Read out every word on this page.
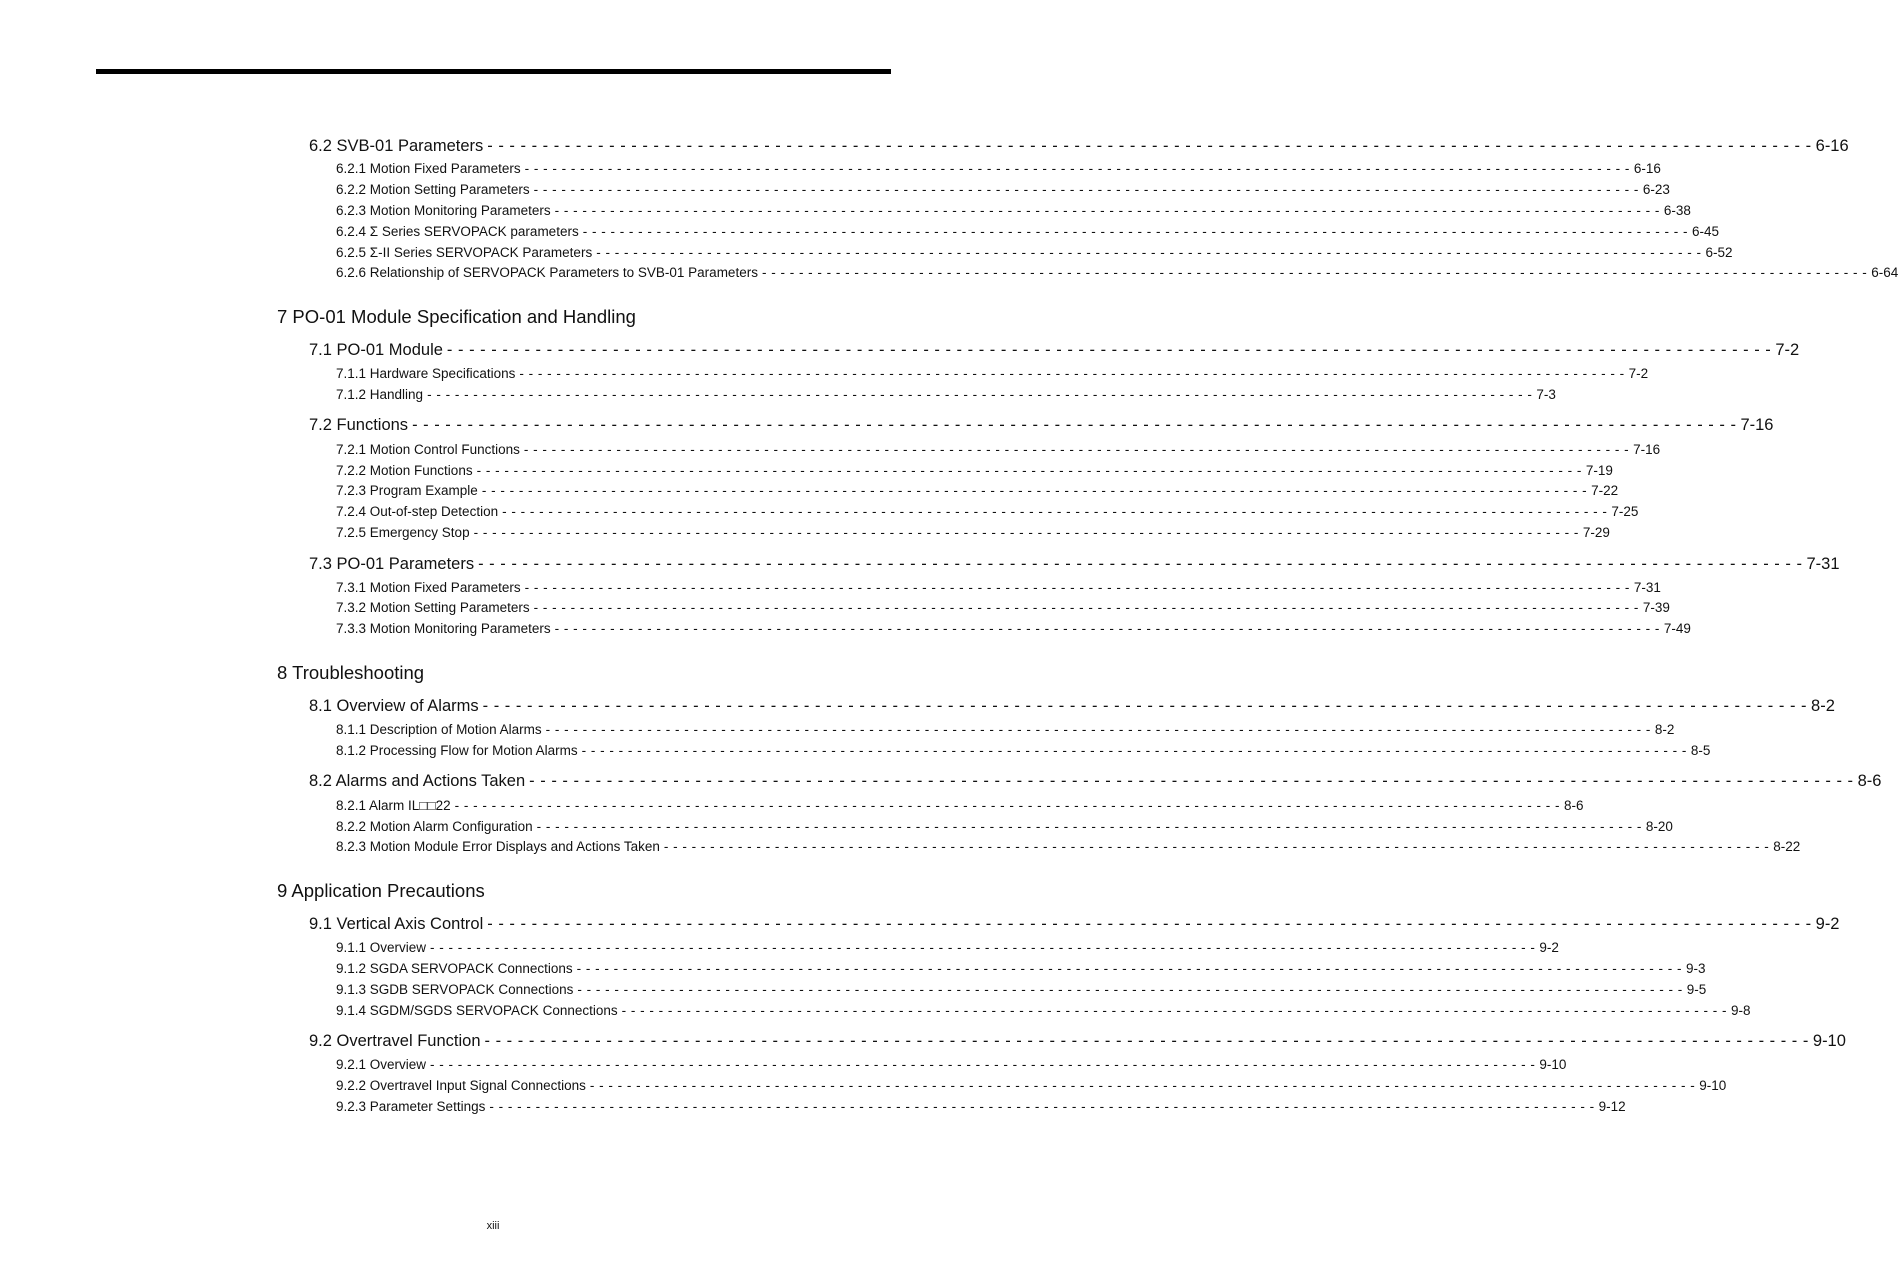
6.2 SVB-01 Parameters - - - - - - - - - - - - - - - - - - - - - - - - - - - - - - - - - - - - - - - - - - - - - - - - - - - - - - - - - - - - - - - - - - - - - - - - - - - - - - - - - - - - - - - - - - - - - - - - - - - - - - - - - - - - - - - - - - - - - - - - 6-16
6.2.1 Motion Fixed Parameters - - - - - - - - - - - - - - - - - - - - - - - - - - - - - - - - - - - - - - - - - - - - - - - - - - - - - - - - - - - - - - - - - - - - - - - - - - - - - - - - - - - - - - - - - - - - - - - - - - - - - - - - - - - - - - - - - - - - - - - - 6-16
6.2.2 Motion Setting Parameters - - - - - - - - - - - - - - - - - - - - - - - - - - - - - - - - - - - - - - - - - - - - - - - - - - - - - - - - - - - - - - - - - - - - - - - - - - - - - - - - - - - - - - - - - - - - - - - - - - - - - - - - - - - - - - - - - - - - - - - - 6-23
6.2.3 Motion Monitoring Parameters - - - - - - - - - - - - - - - - - - - - - - - - - - - - - - - - - - - - - - - - - - - - - - - - - - - - - - - - - - - - - - - - - - - - - - - - - - - - - - - - - - - - - - - - - - - - - - - - - - - - - - - - - - - - - - - - - - - - - - - - 6-38
6.2.4 Σ Series SERVOPACK parameters - - - - - - - - - - - - - - - - - - - - - - - - - - - - - - - - - - - - - - - - - - - - - - - - - - - - - - - - - - - - - - - - - - - - - - - - - - - - - - - - - - - - - - - - - - - - - - - - - - - - - - - - - - - - - - - - - - - - - - - - 6-45
6.2.5 Σ-II Series SERVOPACK Parameters - - - - - - - - - - - - - - - - - - - - - - - - - - - - - - - - - - - - - - - - - - - - - - - - - - - - - - - - - - - - - - - - - - - - - - - - - - - - - - - - - - - - - - - - - - - - - - - - - - - - - - - - - - - - - - - - - - - - - - - - 6-52
6.2.6 Relationship of SERVOPACK Parameters to SVB-01 Parameters - - - - - - - - - - - - - - - - - - - - - - - - - - - - - - - - - - - - - - - - - - - - - - - - - - - - - - - - - - - - - - - - - - - - - - - - - - - - - - - - - - - - - - - - - - - - - - - - - - - - - - - - - - - - - - - - - - - - - - - - 6-64
7 PO-01 Module Specification and Handling
7.1 PO-01 Module - - - - - - - - - - - - - - - - - - - - - - - - - - - - - - - - - - - - - - - - - - - - - - - - - - - - - - - - - - - - - - - - - - - - - - - - - - - - - - - - - - - - - - - - - - - - - - - - - - - - - - - - - - - - - - - - - - - - - - - - 7-2
7.1.1 Hardware Specifications - - - - - - - - - - - - - - - - - - - - - - - - - - - - - - - - - - - - - - - - - - - - - - - - - - - - - - - - - - - - - - - - - - - - - - - - - - - - - - - - - - - - - - - - - - - - - - - - - - - - - - - - - - - - - - - - - - - - - - - - 7-2
7.1.2 Handling - - - - - - - - - - - - - - - - - - - - - - - - - - - - - - - - - - - - - - - - - - - - - - - - - - - - - - - - - - - - - - - - - - - - - - - - - - - - - - - - - - - - - - - - - - - - - - - - - - - - - - - - - - - - - - - - - - - - - - - - 7-3
7.2 Functions - - - - - - - - - - - - - - - - - - - - - - - - - - - - - - - - - - - - - - - - - - - - - - - - - - - - - - - - - - - - - - - - - - - - - - - - - - - - - - - - - - - - - - - - - - - - - - - - - - - - - - - - - - - - - - - - - - - - - - - - 7-16
7.2.1 Motion Control Functions - - - - - - - - - - - - - - - - - - - - - - - - - - - - - - - - - - - - - - - - - - - - - - - - - - - - - - - - - - - - - - - - - - - - - - - - - - - - - - - - - - - - - - - - - - - - - - - - - - - - - - - - - - - - - - - - - - - - - - - - 7-16
7.2.2 Motion Functions - - - - - - - - - - - - - - - - - - - - - - - - - - - - - - - - - - - - - - - - - - - - - - - - - - - - - - - - - - - - - - - - - - - - - - - - - - - - - - - - - - - - - - - - - - - - - - - - - - - - - - - - - - - - - - - - - - - - - - - - 7-19
7.2.3 Program Example - - - - - - - - - - - - - - - - - - - - - - - - - - - - - - - - - - - - - - - - - - - - - - - - - - - - - - - - - - - - - - - - - - - - - - - - - - - - - - - - - - - - - - - - - - - - - - - - - - - - - - - - - - - - - - - - - - - - - - - - 7-22
7.2.4 Out-of-step Detection - - - - - - - - - - - - - - - - - - - - - - - - - - - - - - - - - - - - - - - - - - - - - - - - - - - - - - - - - - - - - - - - - - - - - - - - - - - - - - - - - - - - - - - - - - - - - - - - - - - - - - - - - - - - - - - - - - - - - - - - 7-25
7.2.5 Emergency Stop - - - - - - - - - - - - - - - - - - - - - - - - - - - - - - - - - - - - - - - - - - - - - - - - - - - - - - - - - - - - - - - - - - - - - - - - - - - - - - - - - - - - - - - - - - - - - - - - - - - - - - - - - - - - - - - - - - - - - - - - 7-29
7.3 PO-01 Parameters - - - - - - - - - - - - - - - - - - - - - - - - - - - - - - - - - - - - - - - - - - - - - - - - - - - - - - - - - - - - - - - - - - - - - - - - - - - - - - - - - - - - - - - - - - - - - - - - - - - - - - - - - - - - - - - - - - - - - - - - 7-31
7.3.1 Motion Fixed Parameters - - - - - - - - - - - - - - - - - - - - - - - - - - - - - - - - - - - - - - - - - - - - - - - - - - - - - - - - - - - - - - - - - - - - - - - - - - - - - - - - - - - - - - - - - - - - - - - - - - - - - - - - - - - - - - - - - - - - - - - - 7-31
7.3.2 Motion Setting Parameters - - - - - - - - - - - - - - - - - - - - - - - - - - - - - - - - - - - - - - - - - - - - - - - - - - - - - - - - - - - - - - - - - - - - - - - - - - - - - - - - - - - - - - - - - - - - - - - - - - - - - - - - - - - - - - - - - - - - - - - - 7-39
7.3.3 Motion Monitoring Parameters - - - - - - - - - - - - - - - - - - - - - - - - - - - - - - - - - - - - - - - - - - - - - - - - - - - - - - - - - - - - - - - - - - - - - - - - - - - - - - - - - - - - - - - - - - - - - - - - - - - - - - - - - - - - - - - - - - - - - - - - 7-49
8 Troubleshooting
8.1 Overview of Alarms - - - - - - - - - - - - - - - - - - - - - - - - - - - - - - - - - - - - - - - - - - - - - - - - - - - - - - - - - - - - - - - - - - - - - - - - - - - - - - - - - - - - - - - - - - - - - - - - - - - - - - - - - - - - - - - - - - - - - - - - 8-2
8.1.1 Description of Motion Alarms - - - - - - - - - - - - - - - - - - - - - - - - - - - - - - - - - - - - - - - - - - - - - - - - - - - - - - - - - - - - - - - - - - - - - - - - - - - - - - - - - - - - - - - - - - - - - - - - - - - - - - - - - - - - - - - - - - - - - - - - 8-2
8.1.2 Processing Flow for Motion Alarms - - - - - - - - - - - - - - - - - - - - - - - - - - - - - - - - - - - - - - - - - - - - - - - - - - - - - - - - - - - - - - - - - - - - - - - - - - - - - - - - - - - - - - - - - - - - - - - - - - - - - - - - - - - - - - - - - - - - - - - - 8-5
8.2 Alarms and Actions Taken - - - - - - - - - - - - - - - - - - - - - - - - - - - - - - - - - - - - - - - - - - - - - - - - - - - - - - - - - - - - - - - - - - - - - - - - - - - - - - - - - - - - - - - - - - - - - - - - - - - - - - - - - - - - - - - - - - - - - - - - 8-6
8.2.1 Alarm IL□□22 - - - - - - - - - - - - - - - - - - - - - - - - - - - - - - - - - - - - - - - - - - - - - - - - - - - - - - - - - - - - - - - - - - - - - - - - - - - - - - - - - - - - - - - - - - - - - - - - - - - - - - - - - - - - - - - - - - - - - - - - 8-6
8.2.2 Motion Alarm Configuration - - - - - - - - - - - - - - - - - - - - - - - - - - - - - - - - - - - - - - - - - - - - - - - - - - - - - - - - - - - - - - - - - - - - - - - - - - - - - - - - - - - - - - - - - - - - - - - - - - - - - - - - - - - - - - - - - - - - - - - - 8-20
8.2.3 Motion Module Error Displays and Actions Taken - - - - - - - - - - - - - - - - - - - - - - - - - - - - - - - - - - - - - - - - - - - - - - - - - - - - - - - - - - - - - - - - - - - - - - - - - - - - - - - - - - - - - - - - - - - - - - - - - - - - - - - - - - - - - - - - - - - - - - - - 8-22
9 Application Precautions
9.1 Vertical Axis Control - - - - - - - - - - - - - - - - - - - - - - - - - - - - - - - - - - - - - - - - - - - - - - - - - - - - - - - - - - - - - - - - - - - - - - - - - - - - - - - - - - - - - - - - - - - - - - - - - - - - - - - - - - - - - - - - - - - - - - - - 9-2
9.1.1 Overview - - - - - - - - - - - - - - - - - - - - - - - - - - - - - - - - - - - - - - - - - - - - - - - - - - - - - - - - - - - - - - - - - - - - - - - - - - - - - - - - - - - - - - - - - - - - - - - - - - - - - - - - - - - - - - - - - - - - - - - - 9-2
9.1.2 SGDA SERVOPACK Connections - - - - - - - - - - - - - - - - - - - - - - - - - - - - - - - - - - - - - - - - - - - - - - - - - - - - - - - - - - - - - - - - - - - - - - - - - - - - - - - - - - - - - - - - - - - - - - - - - - - - - - - - - - - - - - - - - - - - - - - - 9-3
9.1.3 SGDB SERVOPACK Connections - - - - - - - - - - - - - - - - - - - - - - - - - - - - - - - - - - - - - - - - - - - - - - - - - - - - - - - - - - - - - - - - - - - - - - - - - - - - - - - - - - - - - - - - - - - - - - - - - - - - - - - - - - - - - - - - - - - - - - - - 9-5
9.1.4 SGDM/SGDS SERVOPACK Connections - - - - - - - - - - - - - - - - - - - - - - - - - - - - - - - - - - - - - - - - - - - - - - - - - - - - - - - - - - - - - - - - - - - - - - - - - - - - - - - - - - - - - - - - - - - - - - - - - - - - - - - - - - - - - - - - - - - - - - - - 9-8
9.2 Overtravel Function - - - - - - - - - - - - - - - - - - - - - - - - - - - - - - - - - - - - - - - - - - - - - - - - - - - - - - - - - - - - - - - - - - - - - - - - - - - - - - - - - - - - - - - - - - - - - - - - - - - - - - - - - - - - - - - - - - - - - - - - 9-10
9.2.1 Overview - - - - - - - - - - - - - - - - - - - - - - - - - - - - - - - - - - - - - - - - - - - - - - - - - - - - - - - - - - - - - - - - - - - - - - - - - - - - - - - - - - - - - - - - - - - - - - - - - - - - - - - - - - - - - - - - - - - - - - - - 9-10
9.2.2 Overtravel Input Signal Connections - - - - - - - - - - - - - - - - - - - - - - - - - - - - - - - - - - - - - - - - - - - - - - - - - - - - - - - - - - - - - - - - - - - - - - - - - - - - - - - - - - - - - - - - - - - - - - - - - - - - - - - - - - - - - - - - - - - - - - - - 9-10
9.2.3 Parameter Settings - - - - - - - - - - - - - - - - - - - - - - - - - - - - - - - - - - - - - - - - - - - - - - - - - - - - - - - - - - - - - - - - - - - - - - - - - - - - - - - - - - - - - - - - - - - - - - - - - - - - - - - - - - - - - - - - - - - - - - - - 9-12
xiii
